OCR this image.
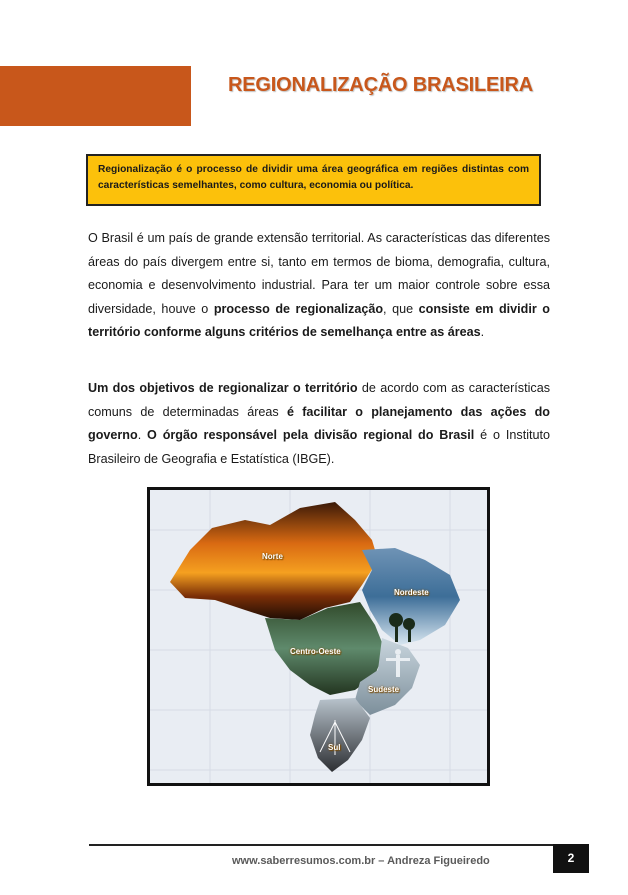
REGIONALIZAÇÃO BRASILEIRA
Regionalização é o processo de dividir uma área geográfica em regiões distintas com características semelhantes, como cultura, economia ou política.

O Brasil é um país de grande extensão territorial. As características das diferentes áreas do país divergem entre si, tanto em termos de bioma, demografia, cultura, economia e desenvolvimento industrial. Para ter um maior controle sobre essa diversidade, houve o processo de regionalização, que consiste em dividir o território conforme alguns critérios de semelhança entre as áreas.

Um dos objetivos de regionalizar o território de acordo com as características comuns de determinadas áreas é facilitar o planejamento das ações do governo. O órgão responsável pela divisão regional do Brasil é o Instituto Brasileiro de Geografia e Estatística (IBGE).

Norte
Nordeste
Centro-Oeste
Sudeste
Sul
www.saberresumos.com.br – Andreza Figueiredo	2
